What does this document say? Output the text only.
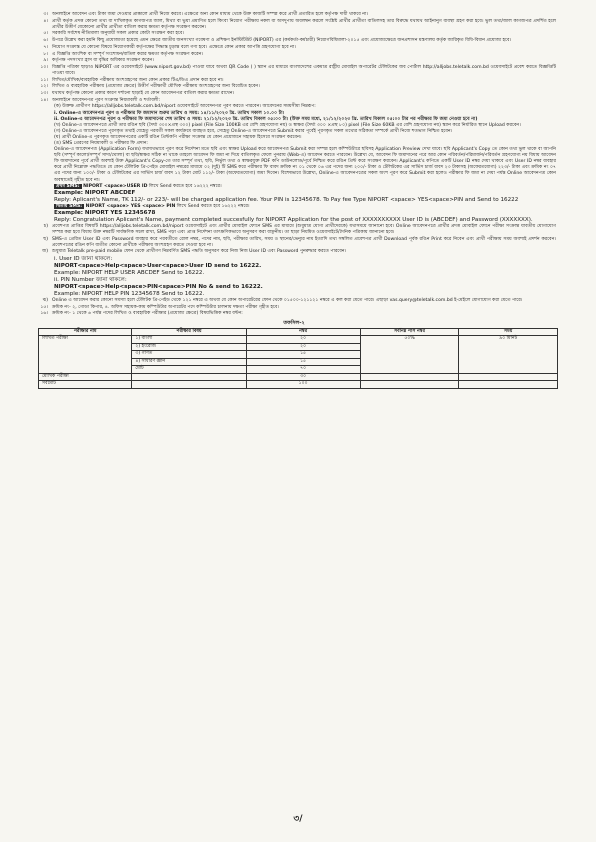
৩। অনলাইনে আবেদন এবং টাকা জমা দেওয়ার প্রাক্কালে প্রার্থী নিজে করবে। এক্ষেত্রে অন্য কোন মাধ্যম থেকে উক্ত কাজটি সম্পন্ন করে প্রার্থী প্রতারিত হলে কর্তৃপক্ষ দায়ী থাকবে না।
৪। প্রার্থী কর্তৃক প্রদত্ত কোনো তথ্য বা দাখিলকৃত কাগজপত্র জাল, মিথ্যা বা ভুয়া প্রমাণিত হলে কিংবা নিয়োগ পরীক্ষায় নকল বা অসদুপায় অবলম্বন করলে সংশ্লিষ্ট প্রার্থীর প্রার্থীতা বাতিলসহ তার বিরুদ্ধে যথাযথ আইনানুগ ব্যবস্থা গ্রহণ করা হবে। ভুল তথ্য/জাল কাগজপত্র প্রদর্শিত হলে প্রার্থীর উত্তীর্ণ যেকোনো প্রার্থীর প্রার্থীতা বাতিল করার ক্ষমতা কর্তৃপক্ষ সংরক্ষণ করবেন।
৫। সরকারি সর্বশেষ নীতিমালা অনুযায়ী সকল প্রকার কোটা সংরক্ষণ করা হবে।
৬। উপরে উল্লেখ করা হয়নি কিছু প্রযোজ্যতা হয়েছে এমন ক্ষেত্রে জাতীয় জনসংখ্যা গবেষণা ও প্রশিক্ষণ ইনস্টিটিউট (NIPORT) এর (কর্মকর্তা-কর্মচারী) নিয়োগবিধিমালা-২০১৫ এবং প্রযোজ্যক্ষেত্রে জনপ্রশাসন মন্ত্রণালয় কর্তৃক জারিকৃত বিধি-বিধান প্রযোজ্য হবে।
৭। নিয়োগ সংক্রান্ত যে কোনো বিষয়ে নিয়োগকারী কর্তৃপক্ষের সিদ্ধান্ত চূড়ান্ত বলে গণ্য হবে। এক্ষেত্রে কোন প্রকার আপত্তি গ্রহণযোগ্য হবে না।
৮। এ বিজ্ঞপ্তি আংশিক বা সম্পূর্ণ সংশোধন/বাতিল করার ক্ষমতা কর্তৃপক্ষ সংরক্ষণ করেন।
৯। কর্তৃপক্ষ পদসংখ্যা হ্রাস বা বৃদ্ধির অধিকার সংরক্ষণ করেন।
১০। বিজ্ঞপ্তি পত্রিকা ছাড়াও NIPORT এর ওয়েবসাইটে (www.niport.gov.bd) পাওয়া যাবে অথবা QR Code ( ) স্ক্যান এর মাধ্যমে বাংলাদেশের একমাত্র রাষ্ট্রীয় মোবাইল অপারেটর টেলিটকের জব পোর্টাল http://alljobs.teletalk.com.bd ওয়েবসাইটে প্রবেশ করতে বিজ্ঞপ্তিটি পাওয়া যাবে।
১১। লিখিত/মৌখিক/ব্যবহারিক পরীক্ষায় অংশগ্রহণের জন্য কোন প্রকার টিএ/ডিএ প্রদান করা হবে না।
১২। লিখিত ও ব্যবহারিক পরীক্ষায় (প্রযোজ্য ক্ষেত্রে) উত্তীর্ণ পরীক্ষার্থী মৌখিক পরীক্ষায় অংশগ্রহণের জন্য বিবেচিত হবেন।
১৩। যথাযথ কর্তৃপক্ষ কোনো প্রকার কারণ দর্শানো ছাড়াই যে কোন আবেদনপত্র বাতিল করার ক্ষমতা রাখেন।
১৪। অনলাইনে আবেদনপত্র পূরণ সংক্রান্ত নিয়মাবলী ও শর্তাবলী:
(ক) উক্তক্ষ প্রার্থীগণ https://alljobs.teletalk.com.bd/niport ওয়েবসাইটে আবেদনপত্র পূরণ করতে পারবেন। আবেদনের সময়সীমা নিম্নরূপ:
i. Online-এ আবেদনপত্র পূরণ ও পরীক্ষার ফি জমাদান শুরুর তারিখ ও সময়: ১৪/১১/২০২৩ খ্রি. তারিখ সকাল ১০.০০ টা।
ii. Online-এ আবেদনপত্র পূরণ ও পরীক্ষার ফি জমাদানের শেষ তারিখ ও সময়: ২১/১২/২০২৩ খ্রি. তারিখ বিকাল ০৫:০০ টা। (উক্ত সময় মধ্যে, ২১/১২/২০২৩ খ্রি. তারিখ বিকাল ০৫:০০ টার পর পরীক্ষার ফি জমা নেওয়া হবে না)
(খ) Online-এ আবেদনপত্রে প্রার্থী তার রঙিন ছবি (দৈর্ঘ্য ৩০০×প্রস্থ ৩০০) pixel (File Size 100KB এর বেশি গ্রহণযোগ্য নয়) ও স্বাক্ষর (দৈর্ঘ্য ৩০০ ×প্রস্থ ৮০) pixel (File Size 60KB এর বেশি গ্রহণযোগ্য নয়) স্ক্যান করে নির্ধারিত স্থানে Upload করবেন।
(গ) Online-এ আবেদনপত্রে পূরণকৃত তথ্যই যেহেতু পরবর্তী সকল কার্যক্রমে ব্যবহৃত হবে, সেহেতু Online-এ আবেদনপত্রে Submit করার পূর্বেই পূরণকৃত সকল তথ্যের সঠিকতা সম্পর্কে প্রার্থী নিজে শতভাগ নিশ্চিত হবেন।
(ঘ) প্রার্থী Online-এ পূরণকৃত আবেদনপত্রের একটি রঙিন প্রিন্টকপি পরীক্ষা সংক্রান্ত যে কোন প্রয়োজনে সহায়ক হিসেবে সংরক্ষণ করবেন।
(ঙ) SMS প্রেরণের নিয়মাবলী ও পরীক্ষার ফি প্রদান:
Online-এ আবেদনপত্র (Application Form) যথাযথভাবে পূরণ করে নির্দেশনা মতে ছবি এবং স্বাক্ষর Upload করে আবেদনপত্র Submit করা সম্পন্ন হলে কম্পিউটারে ছবিসহ Application Preview দেখা যাবে। ছবি Applicant's Copy তে কোন তথ্য ভুল থাকে বা আপনি ছবি (সম্পূর্ণ কালো/সম্পূর্ণ সাদা/ঘোলা) বা ছবি/স্বাক্ষর সঠিক না থাকে তাহলে আবেদন ফি জমা না দিয়ে বাতিলকৃত ফেলে পুনরায় (Web-এ) আবেদন করতে পারবেন। উল্লেখ্য যে, আবেদন ফি জমাদানের পরে আর কোন পরিবর্তন/পরিমার্জন/পরিবর্তন গ্রহণযোগ্য নয় বিধায় আবেদন ফি জমাদানের পূর্বে প্রার্থী অবশ্যই উক্ত Applicant's Copy-তে তার সম্পূর্ণ তথ্য, ছবি, নির্ভুল তথ্য ও স্বাক্ষরযুক্ত PDF কপি ডাউনলোড/পূর্বে নিশ্চিত করে রঙিন প্রিন্ট করে সংরক্ষণ করবেন। Applicant's কপিতে একটি User ID নম্বর দেয়া থাকবে এবং User ID নম্বর ব্যবহার করে প্রার্থী নিম্নোক্ত পদ্ধতিতে যে কোন টেলিটক প্রি-পেইড মোবাইল নম্বরের মাধ্যমে ০২ (দুই) টি SMS করে পরীক্ষার ফি বাবদ ক্রমিক নং ০১ থেকে ০৬ এর পদের জন্য ২০০/- টাকা ও টেলিটকের এর সার্ভিস চার্জ বাবদ ২৩ টাকাসহ (অফেরতযোগ্য) ২২৩/- টাকা এবং ক্রমিক নং ০৭ এর পদের জন্য ১০০/- টাকা ও টেলিটকের এর সার্ভিস চার্জ বাবদ ১২ টাকা মোট ১১২/- টাকা (অফেরতযোগ্য) জমা দিবেন। বিশেষভাবে উল্লেখ্য, Online-এ আবেদনপত্রের সকল অংশ পূরণ করে Submit করা হলেও পরীক্ষার ফি জমা না দেয়া পর্যন্ত Online আবেদনপত্র কোন অবস্থাতেই গৃহীত হবে না।
প্রথম SMS: NIPORT <space>USER ID লিখে Send করতে হবে ১৬২২২ নম্বরে।
Example: NIPORT ABCDEF
Reply: Aplicant's Name, TK 112/- or 223/- will be charged application fee. Your PIN is 12345678. To Pay fee Type NIPORT <space> YES<space>PIN and Send to 16222
দ্বিতীয় SMS: NIPORT <space> YES <space> PIN লিখে Send করতে হবে ১৬২২২ নম্বরে।
Example: NIPORT YES 12345678
Reply: Congratulation Aplicant's Name, payment completed succesfully for NIPORT Application for the post of XXXXXXXXXX User ID is (ABCDEF) and Password (XXXXXXX).
চ) প্রবেশপত্র প্রাপ্তির বিষয়টি https://alljobs.teletalk.com.bd/niport ওয়েবসাইটে এবং প্রার্থীর মোবাইল ফোনে SMS এর মাধ্যমে (শুধুমাত্র যোগ্য প্রার্থীদেরকে) যথাসময়ে জানানো হবে। Online আবেদনপত্রে প্রার্থীর প্রদত্ত মোবাইল ফোনে পরীক্ষা সংক্রান্ত যাবতীয় যোগাযোগ সম্পন্ন করা হবে বিধায় উক্ত নম্বরটি সার্বক্ষণিক সচল রাখা, SMS পড়া এবং প্রাপ্ত নির্দেশনা তাৎক্ষণিকভাবে অনুসরণ করা বাঞ্ছনীয়। তা ছাড়া নিয়মিত ওয়েবসাইটে/দৈনিক পত্রিকায় জানানো হবে।
ছ) SMS-এ প্রেরিত User ID এবং Password ব্যবহার করে পরবর্তীতে রোল নম্বর, পদের নাম, ছবি, পরীক্ষার তারিখ, সময় ও স্থানের/ভেন্যুর নাম ইত্যাদি তথ্য সম্বলিত প্রবেশপত্র প্রার্থী Download পূর্বক রঙিন Print করে নিবেন এবং প্রার্থী পরীক্ষায় সময় অবশ্যই প্রদর্শন করবেন। প্রবেশপত্রের রঙিন কপি ব্যতীত কোনো প্রার্থীকে পরীক্ষায় অংশগ্রহণ করতে দেওয়া হবে না।
জ) শুধুমাত্র Teletalk pre-paid mobile ফোন থেকে প্রার্থীগণ নিম্নবর্ণিত SMS পদ্ধতি অনুসরণ করে নিজ নিজ User ID এবং Password পুনরুদ্ধার করতে পারবেন।
i. User ID জানা থাকলে:
NIPORT<space>Help<space>User<space>User ID send to 16222.
Example: NIPORT HELP USER ABCDEF Send to 16222.
ii. PIN Number জানা থাকলে:
NIPORT<space>Help<space>PIN<space>PIN No & send to 16222.
Example: NIPORT HELP PIN 12345678 Send to 16222.
ঝ) Online এ আবেদন করার কোনো সমস্যা হলে টেলিটক প্রি-পেইড থেকে ১২১ নম্বরে এ অথবা যে কোন অপারেটরের ফোন থেকে ০১৫০০-১২১১২১ নম্বরে এ কল করা যেতে পারে। এছাড়া vas.query@teletalk.com.bd ই-মেইলে যোগাযোগ করা যেতে পারে।
১৫। ক্রমিক নং- ২, গোডা কিপার, ৪. অফিস সহায়ক-কাম কম্পিউটার অপারেটর পদে কম্পিউটার চালনায় দক্ষতা পরীক্ষা গৃহীত হবে।
১৬। ক্রমিক নং- ১ থেকে ৬ পর্যন্ত পদের লিখিত ও ব্যবহারিক পরীক্ষার (প্রযোজ্য ক্ষেত্রে) বিষয়ভিত্তিক নম্বর বন্টন:
তফসিল-২
পরীক্ষার নাম	পরীক্ষার বিষয়	নম্বর	সর্বনিম্ন পাস নম্বর	সময়
লিখিত পরীক্ষা	১) বাংলা	২০	৫০%	৯০ মিনিট
	২) ইংরেজি	২০		
	৩) গণিত	১৫		
	৪) সাধারণ জ্ঞান	১৫		
	মোট	৭০		
মৌখিক পরীক্ষা		৩০		
সর্বমোট		১০০		
৩/
